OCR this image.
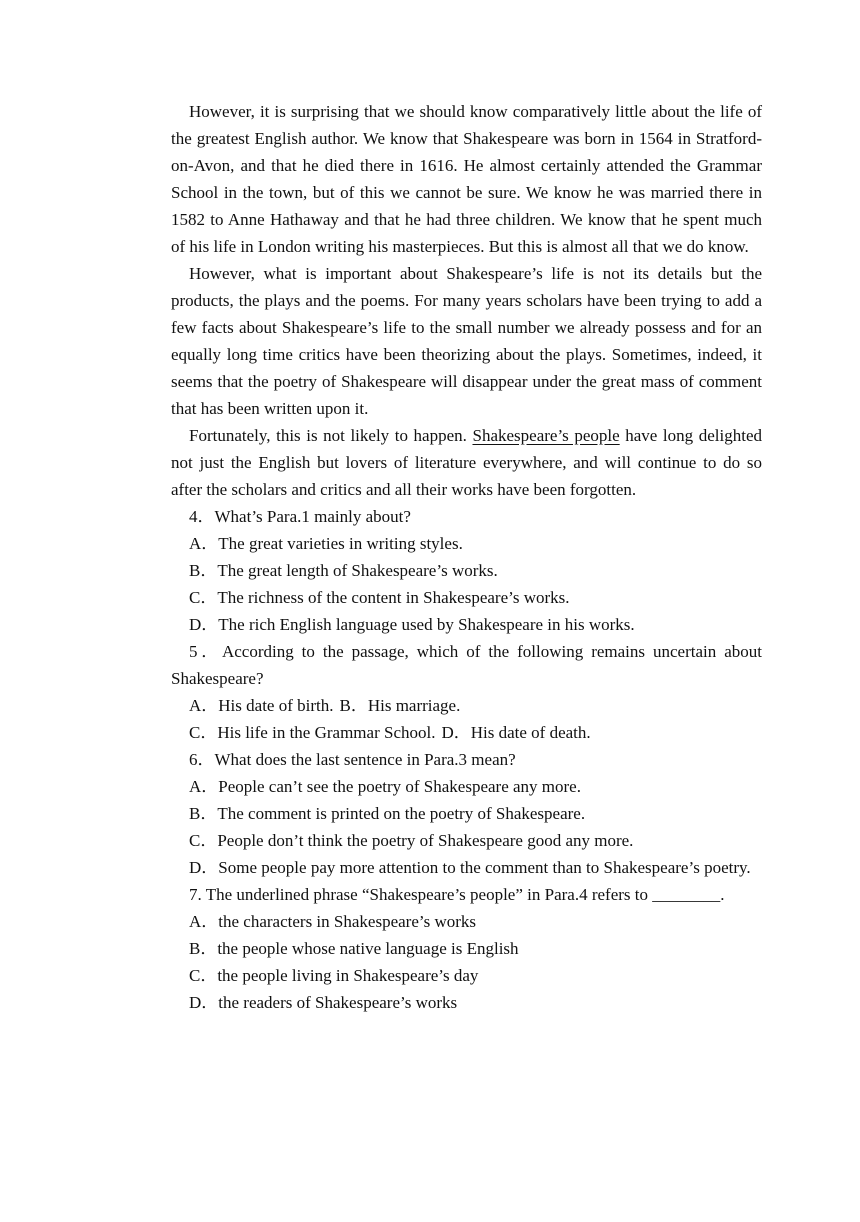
However, it is surprising that we should know comparatively little about the life of the greatest English author. We know that Shakespeare was born in 1564 in Stratford-on-Avon, and that he died there in 1616. He almost certainly attended the Grammar School in the town, but of this we cannot be sure. We know he was married there in 1582 to Anne Hathaway and that he had three children. We know that he spent much of his life in London writing his masterpieces. But this is almost all that we do know.

However, what is important about Shakespeare’s life is not its details but the products, the plays and the poems. For many years scholars have been trying to add a few facts about Shakespeare’s life to the small number we already possess and for an equally long time critics have been theorizing about the plays. Sometimes, indeed, it seems that the poetry of Shakespeare will disappear under the great mass of comment that has been written upon it.

Fortunately, this is not likely to happen. Shakespeare’s people have long delighted not just the English but lovers of literature everywhere, and will continue to do so after the scholars and critics and all their works have been forgotten.

4．What’s Para.1 mainly about?

A．The great varieties in writing styles.

B．The great length of Shakespeare’s works.

C．The richness of the content in Shakespeare’s works.

D．The rich English language used by Shakespeare in his works.

5．According to the passage, which of the following remains uncertain about Shakespeare?

A．His date of birth. B．His marriage.

C．His life in the Grammar School. D．His date of death.

6．What does the last sentence in Para.3 mean?

A．People can’t see the poetry of Shakespeare any more.

B．The comment is printed on the poetry of Shakespeare.

C．People don’t think the poetry of Shakespeare good any more.

D．Some people pay more attention to the comment than to Shakespeare’s poetry.

7. The underlined phrase “Shakespeare’s people” in Para.4 refers to ________.

A．the characters in Shakespeare’s works

B．the people whose native language is English

C．the people living in Shakespeare’s day

D．the readers of Shakespeare’s works
